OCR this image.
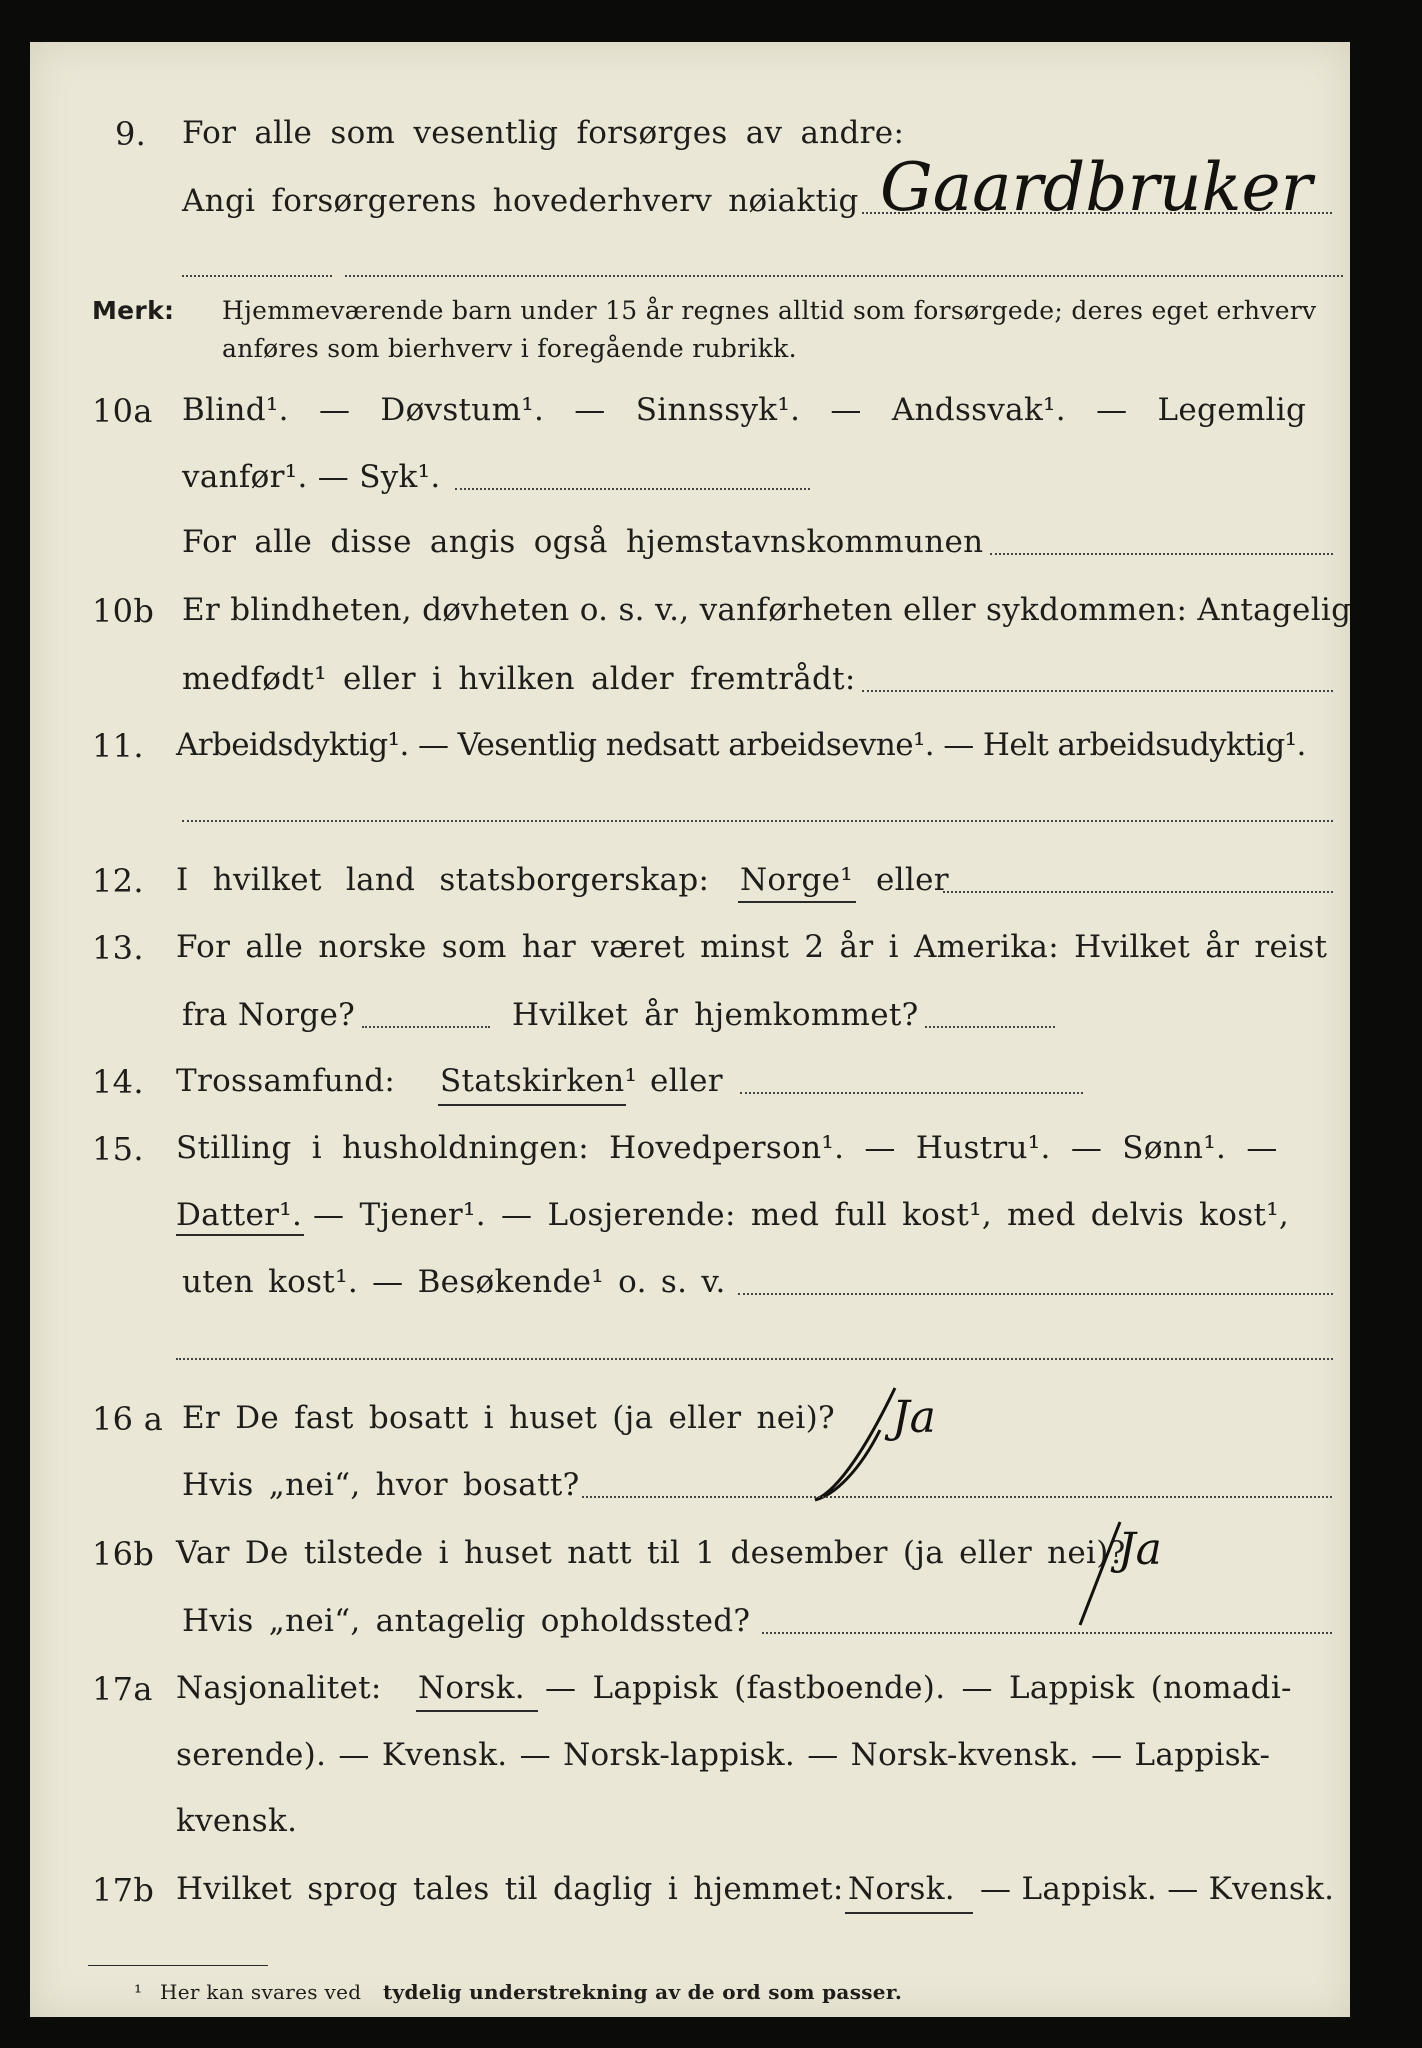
9. For alle som vesentlig forsørges av andre:
Angi forsørgerens hovederhverv nøiaktig Gaardbruker
Merk: Hjemmeværende barn under 15 år regnes alltid som forsørgede; deres eget erhverv
anføres som bierhverv i foregående rubrikk.
10a Blind¹. — Døvstum¹. — Sinnssyk¹. — Andssvak¹. — Legemlig
vanfør¹. — Syk¹.
For alle disse angis også hjemstavnskommunen
10b Er blindheten, døvheten o. s. v., vanførheten eller sykdommen: Antagelig
medfødt¹ eller i hvilken alder fremtrådt:
11. Arbeidsdyktig¹. — Vesentlig nedsatt arbeidsevne¹. — Helt arbeidsudyktig¹.
12. I hvilket land statsborgerskap: Norge¹ eller
13. For alle norske som har været minst 2 år i Amerika: Hvilket år reist
fra Norge?	Hvilket år hjemkommet?
14. Trossamfund: Statskirken¹ eller
15. Stilling i husholdningen: Hovedperson¹. — Hustru¹. — Sønn¹. —
Datter¹. — Tjener¹. — Losjerende: med full kost¹, med delvis kost¹,
uten kost¹. — Besøkende¹ o. s. v.
16 a Er De fast bosatt i huset (ja eller nei)? Ja
Hvis „nei“, hvor bosatt?
16b Var De tilstede i huset natt til 1 desember (ja eller nei)?
Ja
Hvis „nei“, antagelig opholdssted?
17a Nasjonalitet: Norsk. — Lappisk (fastboende). — Lappisk (nomadi-
serende). — Kvensk. — Norsk-lappisk. — Norsk-kvensk. — Lappisk-
kvensk.
17b Hvilket sprog tales til daglig i hjemmet: Norsk. — Lappisk. — Kvensk.
¹ Her kan svares ved tydelig understrekning av de ord som passer.
